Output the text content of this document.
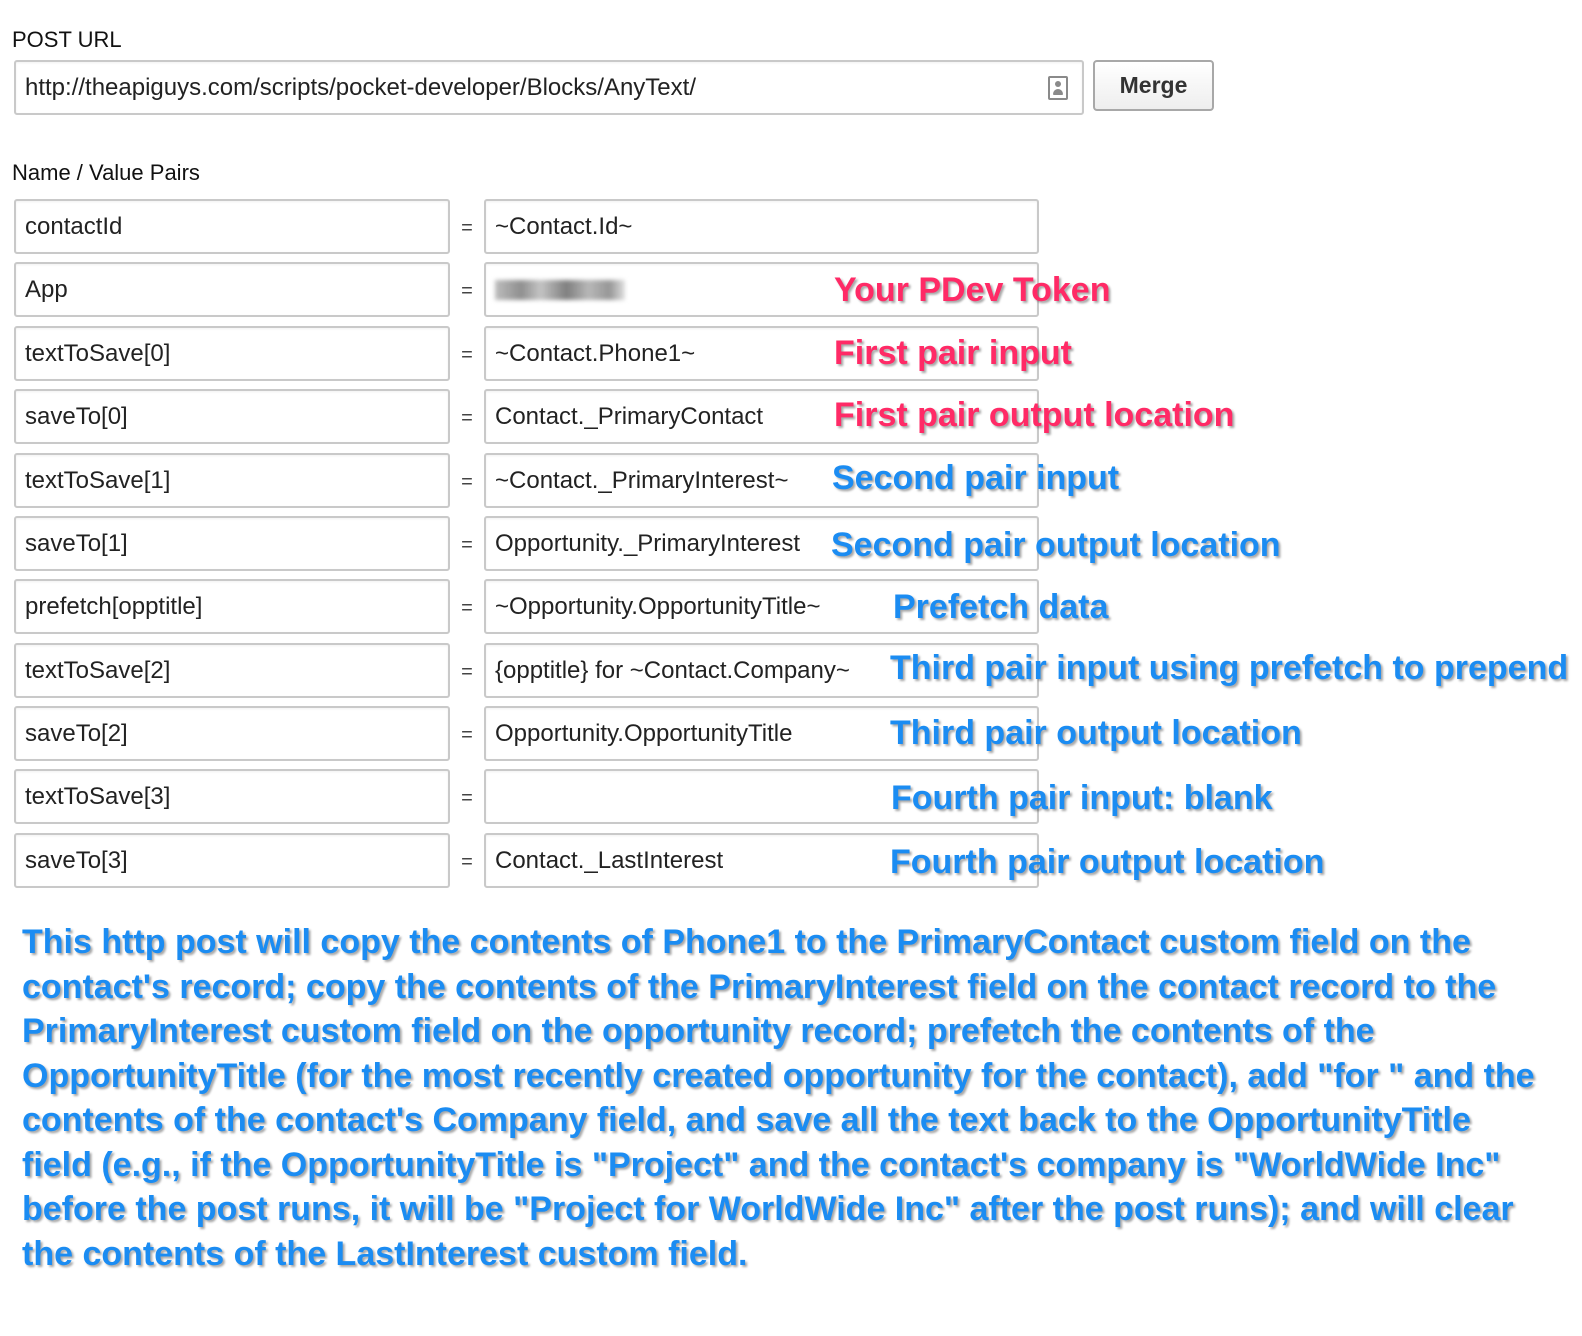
POST URL
http://theapiguys.com/scripts/pocket-developer/Blocks/AnyText/	Merge
Name / Value Pairs
contactId	= ~Contact.Id~
App	=	Your PDev Token
textToSave[0]	= ~Contact.Phone1~	First pair input
saveTo[0]	= Contact._PrimaryContact First pair output location
textToSave[1]	= ~Contact._PrimaryInterest~ Second pair input
saveTo[1]	= Opportunity._PrimaryInterest Second pair output location
prefetch[opptitle]	= ~Opportunity.OpportunityTitle~ Prefetch data
textToSave[2]	= {opptitle} for ~Contact.Company~ Third pair input using prefetch to prepend
saveTo[2]	= Opportunity.OpportunityTitle	Third pair output location
textToSave[3]	=	Fourth pair input: blank
saveTo[3]	= Contact._LastInterest	Fourth pair output location
This http post will copy the contents of Phone1 to the PrimaryContact custom field on the
contact's record; copy the contents of the PrimaryInterest field on the contact record to the
PrimaryInterest custom field on the opportunity record; prefetch the contents of the
OpportunityTitle (for the most recently created opportunity for the contact), add "for " and the
contents of the contact's Company field, and save all the text back to the OpportunityTitle
field (e.g., if the OpportunityTitle is "Project" and the contact's company is "WorldWide Inc"
before the post runs, it will be "Project for WorldWide Inc" after the post runs); and will clear
the contents of the LastInterest custom field.
